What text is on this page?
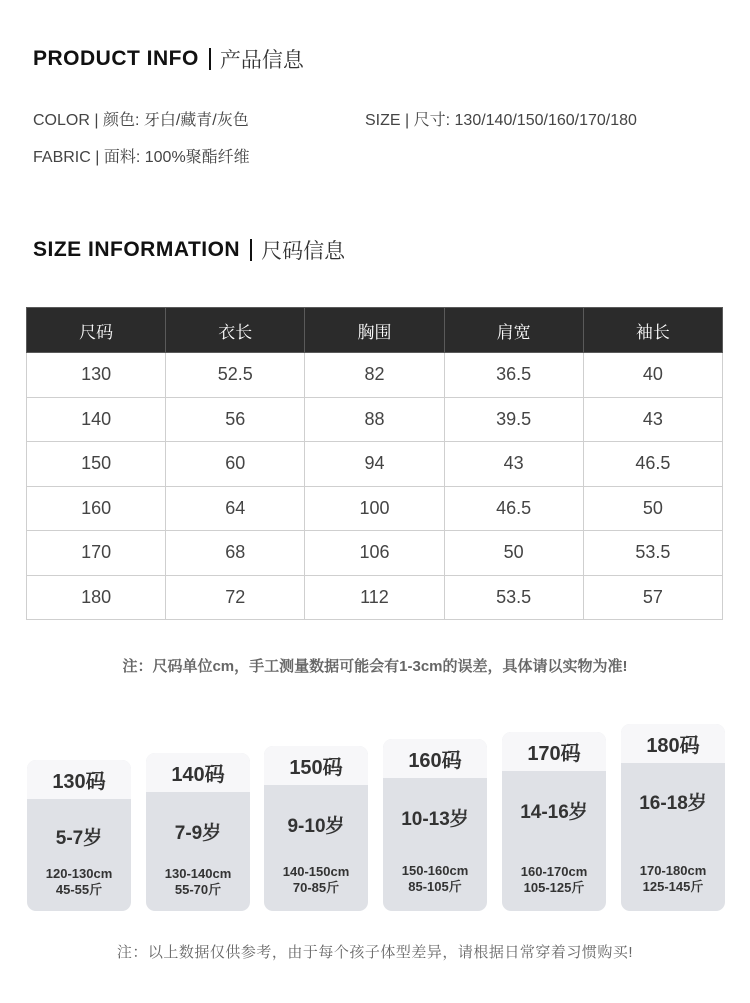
PRODUCT INFO 产品信息
COLOR | 颜色: 牙白/藏青/灰色	SIZE | 尺寸: 130/140/150/160/170/180
FABRIC | 面料: 100%聚酯纤维
SIZE INFORMATION 尺码信息
尺码	衣长	胸围	肩宽	袖长
130	52.5	82	36.5	40
140	56	88	39.5	43
150	60	94	43	46.5
160	64	100	46.5	50
170	68	106	50	53.5
180	72	112	53.5	57
注：尺码单位cm，手工测量数据可能会有1-3cm的误差，具体请以实物为准!
130码
5-7岁
120-130cm
45-55斤
140码
7-9岁
130-140cm
55-70斤
150码
9-10岁
140-150cm
70-85斤
160码
10-13岁
150-160cm
85-105斤
170码
14-16岁
160-170cm
105-125斤
180码
16-18岁
170-180cm
125-145斤
注：以上数据仅供参考，由于每个孩子体型差异，请根据日常穿着习惯购买!
